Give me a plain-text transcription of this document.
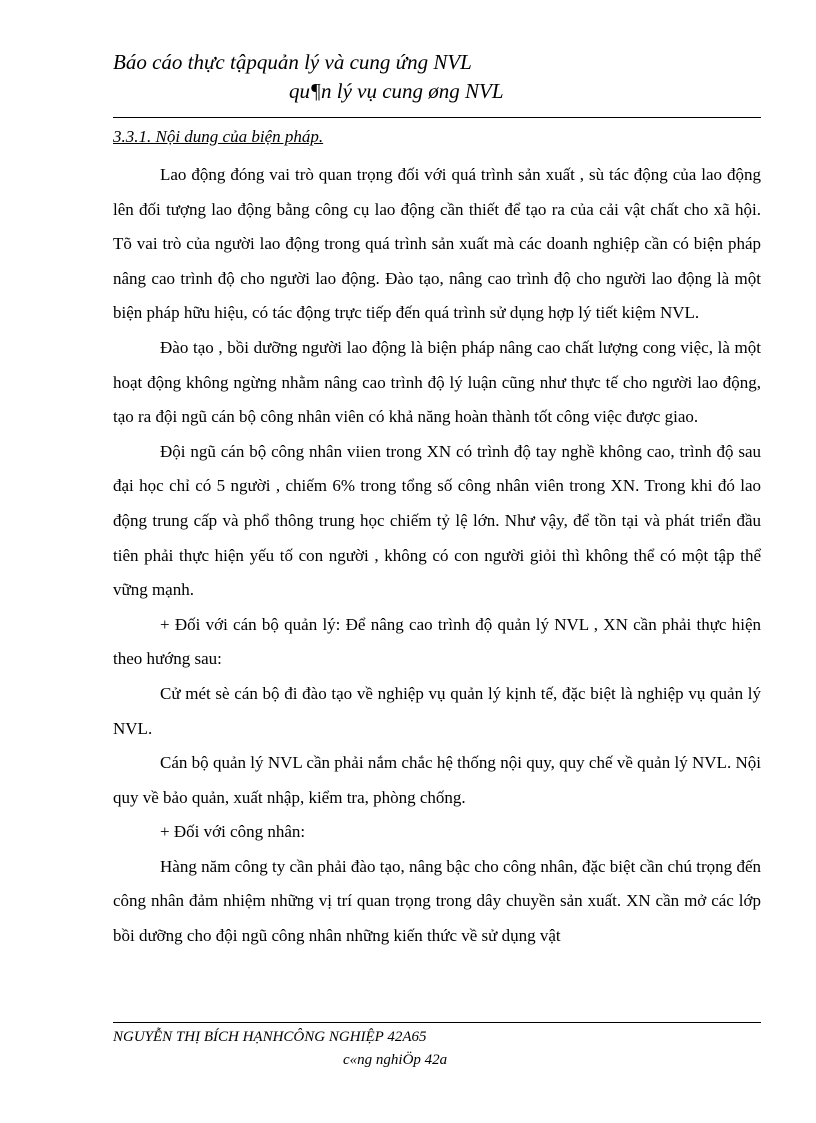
Báo cáo thực tậpquản lý và cung ứng NVL
qu¶n lý vụ cung øng NVL
3.3.1. Nội dung của biện pháp.

Lao động đóng vai trò quan trọng đối với quá trình sản xuất , sù tác động của lao động lên đối tượng lao động bằng công cụ lao động cần thiết để tạo ra của cải vật chất cho xã hội. Tõ vai trò của người lao động trong quá trình sản xuất mà các doanh nghiệp cần có biện pháp nâng cao trình độ cho người lao động. Đào tạo, nâng cao trình độ cho người lao động là một biện pháp hữu hiệu, có tác động trực tiếp đến quá trình sử dụng hợp lý tiết kiệm NVL.

Đào tạo , bồi dưỡng người lao động là biện pháp nâng cao chất lượng cong việc, là một hoạt động không ngừng nhằm nâng cao trình độ lý luận cũng như thực tế cho người lao động, tạo ra đội ngũ cán bộ công nhân viên có khả năng hoàn thành tốt công việc được giao.

Đội ngũ cán bộ công nhân viien trong XN có trình độ tay nghề không cao, trình độ sau đại học chỉ có 5 người , chiếm 6% trong tổng số công nhân viên trong XN. Trong khi đó lao động trung cấp và phổ thông trung học chiếm tỷ lệ lớn. Như vậy, để tồn tại và phát triển đầu tiên phải thực hiện yếu tố con người , không có con người giỏi thì không thể có một tập thể vững mạnh.

+ Đối với cán bộ quản lý: Để nâng cao trình độ quản lý NVL , XN cần phải thực hiện theo hướng sau:

Cử mét sè cán bộ đi đào tạo về nghiệp vụ quản lý kịnh tế, đặc biệt là nghiệp vụ quản lý NVL.

Cán bộ quản lý NVL cần phải nắm chắc hệ thống nội quy, quy chế về quản lý NVL. Nội quy về bảo quản, xuất nhập, kiểm tra, phòng chống.

+ Đối với công nhân:

Hàng năm công ty cần phải đào tạo, nâng bậc cho công nhân, đặc biệt cần chú trọng đến công nhân đảm nhiệm những vị trí quan trọng trong dây chuyền sản xuất. XN cần mở các lớp bồi dưỡng cho đội ngũ công nhân những kiến thức về sử dụng vật

NGUYỄN THỊ BÍCH HẠNHCÔNG NGHIỆP 42A65
c«ng nghiÖp 42a
